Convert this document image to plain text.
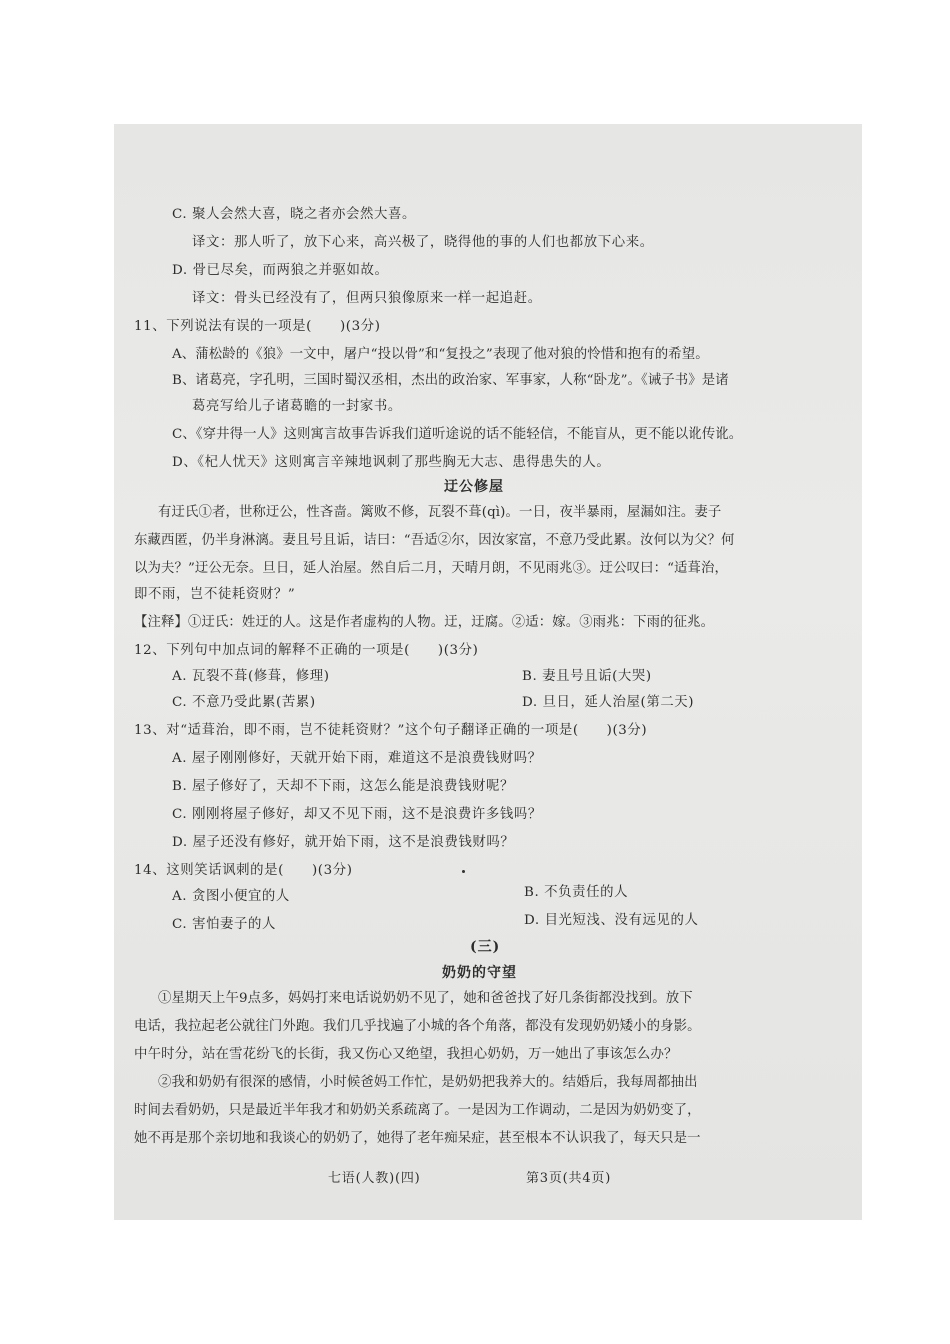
C. 聚人会然大喜，晓之者亦会然大喜。
译文：那人听了，放下心来，高兴极了，晓得他的事的人们也都放下心来。
D. 骨已尽矣，而两狼之并驱如故。
译文：骨头已经没有了，但两只狼像原来一样一起追赶。
11、下列说法有误的一项是(　　)(3分)
A、蒲松龄的《狼》一文中，屠户“投以骨”和“复投之”表现了他对狼的怜惜和抱有的希望。
B、诸葛亮，字孔明，三国时蜀汉丞相，杰出的政治家、军事家，人称“卧龙”。《诫子书》是诸
葛亮写给儿子诸葛瞻的一封家书。
C、《穿井得一人》这则寓言故事告诉我们道听途说的话不能轻信，不能盲从，更不能以讹传讹。
D、《杞人忧天》这则寓言辛辣地讽刺了那些胸无大志、患得患失的人。
迂公修屋
有迂氏①者，世称迂公，性吝啬。篱败不修，瓦裂不葺(qì)。一日，夜半暴雨，屋漏如注。妻子
东藏西匿，仍半身淋漓。妻且号且诟，诘曰：“吾适②尔，因汝家富，不意乃受此累。汝何以为父？何
以为夫？”迂公无奈。旦日，延人治屋。然自后二月，天晴月朗，不见雨兆③。迂公叹曰：“适葺治，
即不雨，岂不徒耗资财？”
【注释】①迂氏：姓迂的人。这是作者虚构的人物。迂，迂腐。②适：嫁。③雨兆：下雨的征兆。
12、下列句中加点词的解释不正确的一项是(　　)(3分)
A. 瓦裂不葺(修葺，修理)	B. 妻且号且诟(大哭)
C. 不意乃受此累(苦累)	D. 旦日，延人治屋(第二天)
13、对“适葺治，即不雨，岂不徒耗资财？”这个句子翻译正确的一项是(　　)(3分)
A. 屋子刚刚修好，天就开始下雨，难道这不是浪费钱财吗？
B. 屋子修好了，天却不下雨，这怎么能是浪费钱财呢？
C. 刚刚将屋子修好，却又不见下雨，这不是浪费许多钱吗？
D. 屋子还没有修好，就开始下雨，这不是浪费钱财吗？
14、这则笑话讽刺的是(　　)(3分)
A. 贪图小便宜的人	B. 不负责任的人
C. 害怕妻子的人	D. 目光短浅、没有远见的人
(三)
奶奶的守望
①星期天上午9点多，妈妈打来电话说奶奶不见了，她和爸爸找了好几条街都没找到。放下
电话，我拉起老公就往门外跑。我们几乎找遍了小城的各个角落，都没有发现奶奶矮小的身影。
中午时分，站在雪花纷飞的长街，我又伤心又绝望，我担心奶奶，万一她出了事该怎么办？
②我和奶奶有很深的感情，小时候爸妈工作忙，是奶奶把我养大的。结婚后，我每周都抽出
时间去看奶奶，只是最近半年我才和奶奶关系疏离了。一是因为工作调动，二是因为奶奶变了，
她不再是那个亲切地和我谈心的奶奶了，她得了老年痴呆症，甚至根本不认识我了，每天只是一
七语(人教)(四)	第3页(共4页)
